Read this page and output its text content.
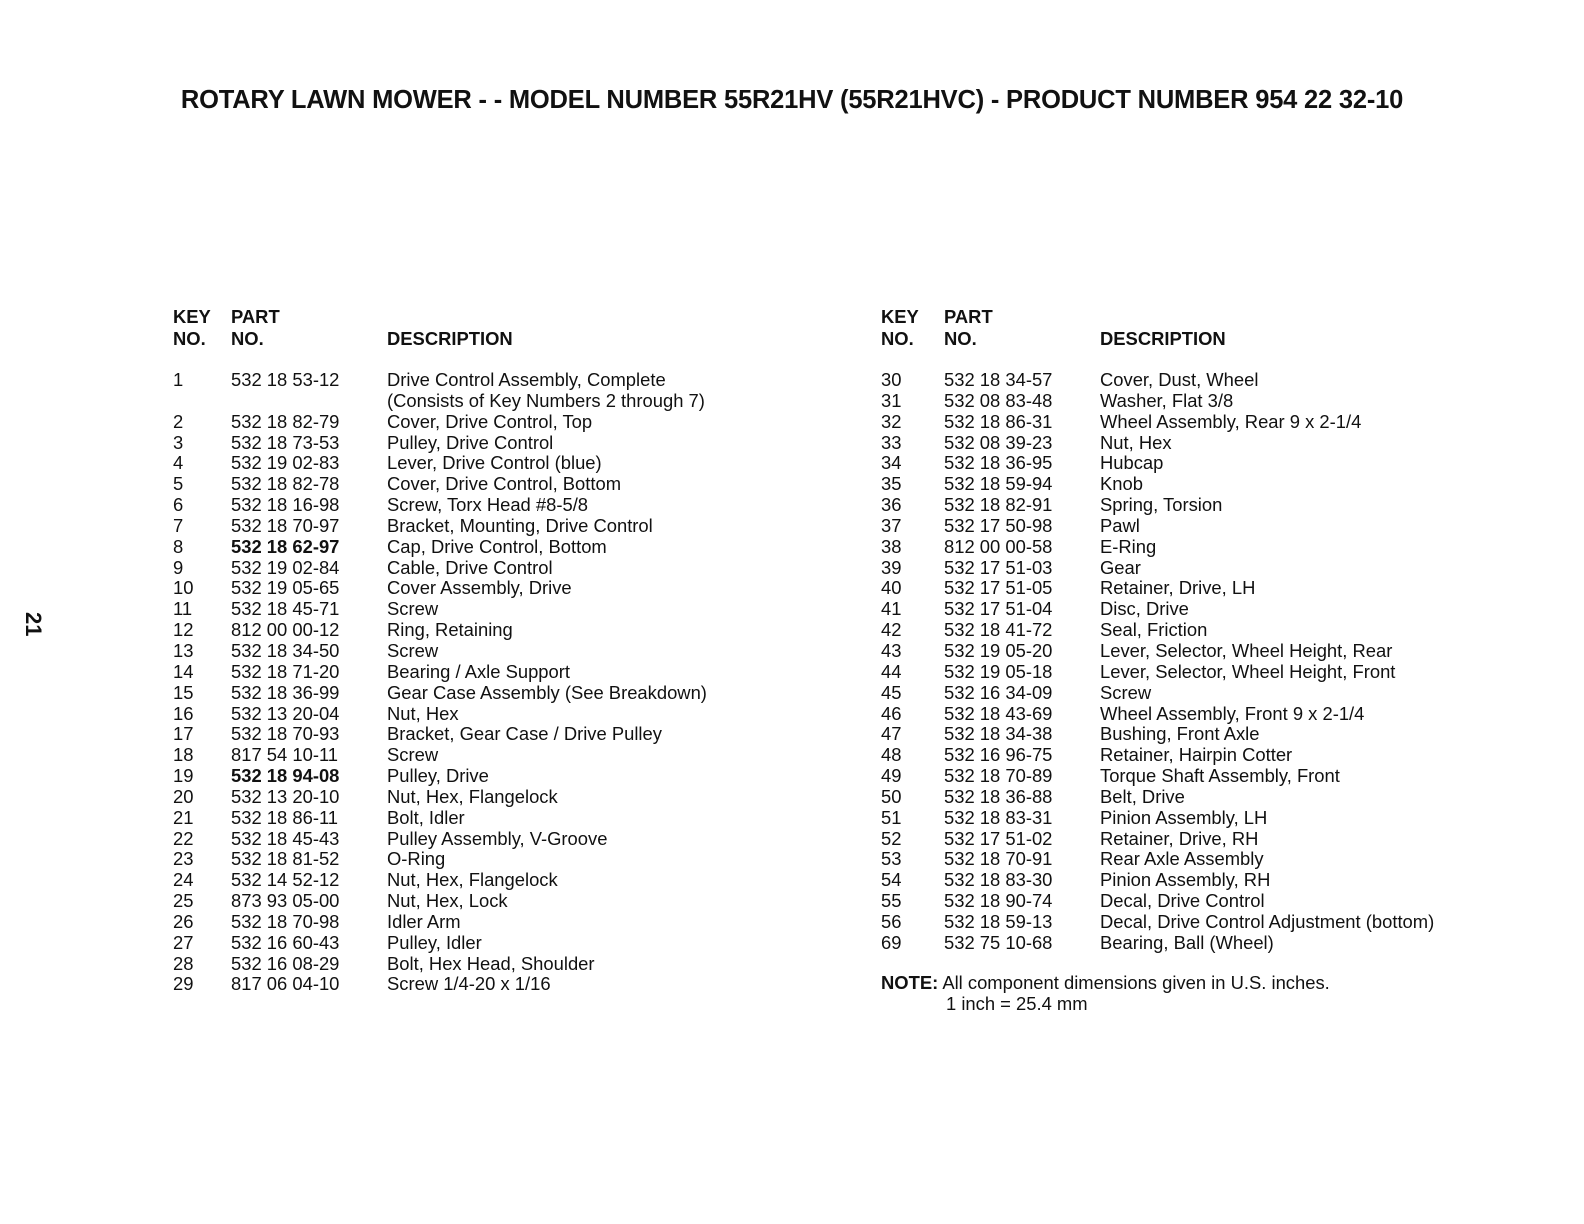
ROTARY LAWN MOWER - - MODEL NUMBER 55R21HV (55R21HVC) - PRODUCT NUMBER 954 22 32-10
21
KEY	PART	
NO.	NO.	DESCRIPTION

1	532 18 53-12	Drive Control Assembly, Complete
		(Consists of Key Numbers 2 through 7)
2	532 18 82-79	Cover, Drive Control, Top
3	532 18 73-53	Pulley, Drive Control
4	532 19 02-83	Lever, Drive Control (blue)
5	532 18 82-78	Cover, Drive Control, Bottom
6	532 18 16-98	Screw, Torx Head #8-5/8
7	532 18 70-97	Bracket, Mounting, Drive Control
8	532 18 62-97	Cap, Drive Control, Bottom
9	532 19 02-84	Cable, Drive Control
10	532 19 05-65	Cover Assembly, Drive
11	532 18 45-71	Screw
12	812 00 00-12	Ring, Retaining
13	532 18 34-50	Screw
14	532 18 71-20	Bearing / Axle Support
15	532 18 36-99	Gear Case Assembly (See Breakdown)
16	532 13 20-04	Nut, Hex
17	532 18 70-93	Bracket, Gear Case / Drive Pulley
18	817 54 10-11	Screw
19	532 18 94-08	Pulley, Drive
20	532 13 20-10	Nut, Hex, Flangelock
21	532 18 86-11	Bolt, Idler
22	532 18 45-43	Pulley Assembly, V-Groove
23	532 18 81-52	O-Ring
24	532 14 52-12	Nut, Hex, Flangelock
25	873 93 05-00	Nut, Hex, Lock
26	532 18 70-98	Idler Arm
27	532 16 60-43	Pulley, Idler
28	532 16 08-29	Bolt, Hex Head, Shoulder
29	817 06 04-10	Screw 1/4-20 x 1/16
KEY	PART	
NO.	NO.	DESCRIPTION

30	532 18 34-57	Cover, Dust, Wheel
31	532 08 83-48	Washer, Flat 3/8
32	532 18 86-31	Wheel Assembly, Rear 9 x 2-1/4
33	532 08 39-23	Nut, Hex
34	532 18 36-95	Hubcap
35	532 18 59-94	Knob
36	532 18 82-91	Spring, Torsion
37	532 17 50-98	Pawl
38	812 00 00-58	E-Ring
39	532 17 51-03	Gear
40	532 17 51-05	Retainer, Drive, LH
41	532 17 51-04	Disc, Drive
42	532 18 41-72	Seal, Friction
43	532 19 05-20	Lever, Selector, Wheel Height, Rear
44	532 19 05-18	Lever, Selector, Wheel Height, Front
45	532 16 34-09	Screw
46	532 18 43-69	Wheel Assembly, Front 9 x 2-1/4
47	532 18 34-38	Bushing, Front Axle
48	532 16 96-75	Retainer, Hairpin Cotter
49	532 18 70-89	Torque Shaft Assembly, Front
50	532 18 36-88	Belt, Drive
51	532 18 83-31	Pinion Assembly, LH
52	532 17 51-02	Retainer, Drive, RH
53	532 18 70-91	Rear Axle Assembly
54	532 18 83-30	Pinion Assembly, RH
55	532 18 90-74	Decal, Drive Control
56	532 18 59-13	Decal, Drive Control Adjustment (bottom)
69	532 75 10-68	Bearing, Ball (Wheel)
NOTE: All component dimensions given in U.S. inches.
1 inch = 25.4 mm
